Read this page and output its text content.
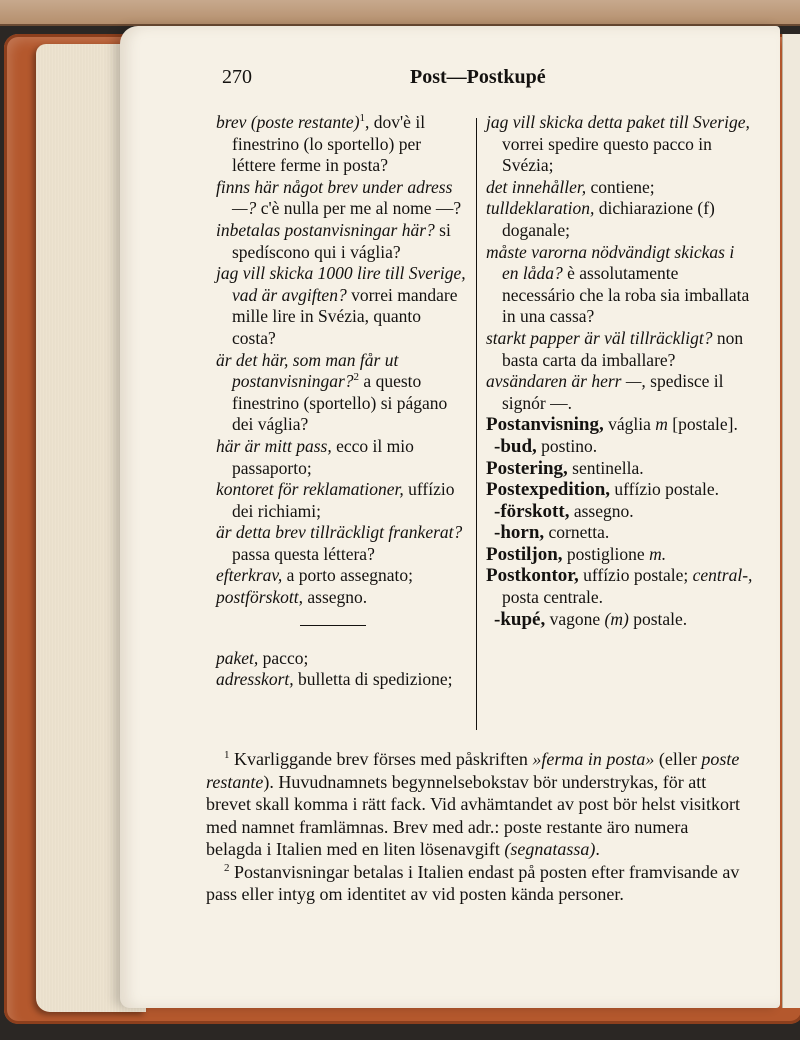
270	Post—Postkupé

brev (poste restante)$^1$, dov'è il finestrino (lo sportello) per léttere ferme in posta?

finns här något brev under adress —? c'è nulla per me al nome —?

inbetalas postanvisningar här? si spedíscono qui i váglia?

jag vill skicka 1000 lire till Sverige, vad är avgiften? vorrei mandare mille lire in Svézia, quanto costa?

är det här, som man får ut postanvisningar?$^2$ a questo finestrino (sportello) si págano dei váglia?

här är mitt pass, ecco il mio passaporto;

kontoret för reklamationer, uffízio dei richiami;

är detta brev tillräckligt frankerat? passa questa léttera?

efterkrav, a porto assegnato;

postförskott, assegno.

paket, pacco;

adresskort, bulletta di spedizione;

jag vill skicka detta paket till Sverige, vorrei spedire questo pacco in Svézia;

det innehåller, contiene;

tulldeklaration, dichiarazione (f) doganale;

måste varorna nödvändigt skickas i en låda? è assolutamente necessário che la roba sia imballata in una cassa?

starkt papper är väl tillräckligt? non basta carta da imballare?

avsändaren är herr —, spedisce il signór —.

Postanvisning, váglia m [postale].

-bud, postino.

Postering, sentinella.

Postexpedition, uffízio postale.

-förskott, assegno.

-horn, cornetta.

Postiljon, postiglione m.

Postkontor, uffízio postale; central-, posta centrale.

-kupé, vagone (m) postale.

$^1$ Kvarliggande brev förses med påskriften »ferma in posta» (eller poste restante). Huvudnamnets begynnelsebokstav bör understrykas, för att brevet skall komma i rätt fack. Vid avhämtandet av post bör helst visitkort med namnet framlämnas. Brev med adr.: poste restante äro numera belagda i Italien med en liten lösenavgift (segnatassa).

$^2$ Postanvisningar betalas i Italien endast på posten efter framvisande av pass eller intyg om identitet av vid posten kända personer.
